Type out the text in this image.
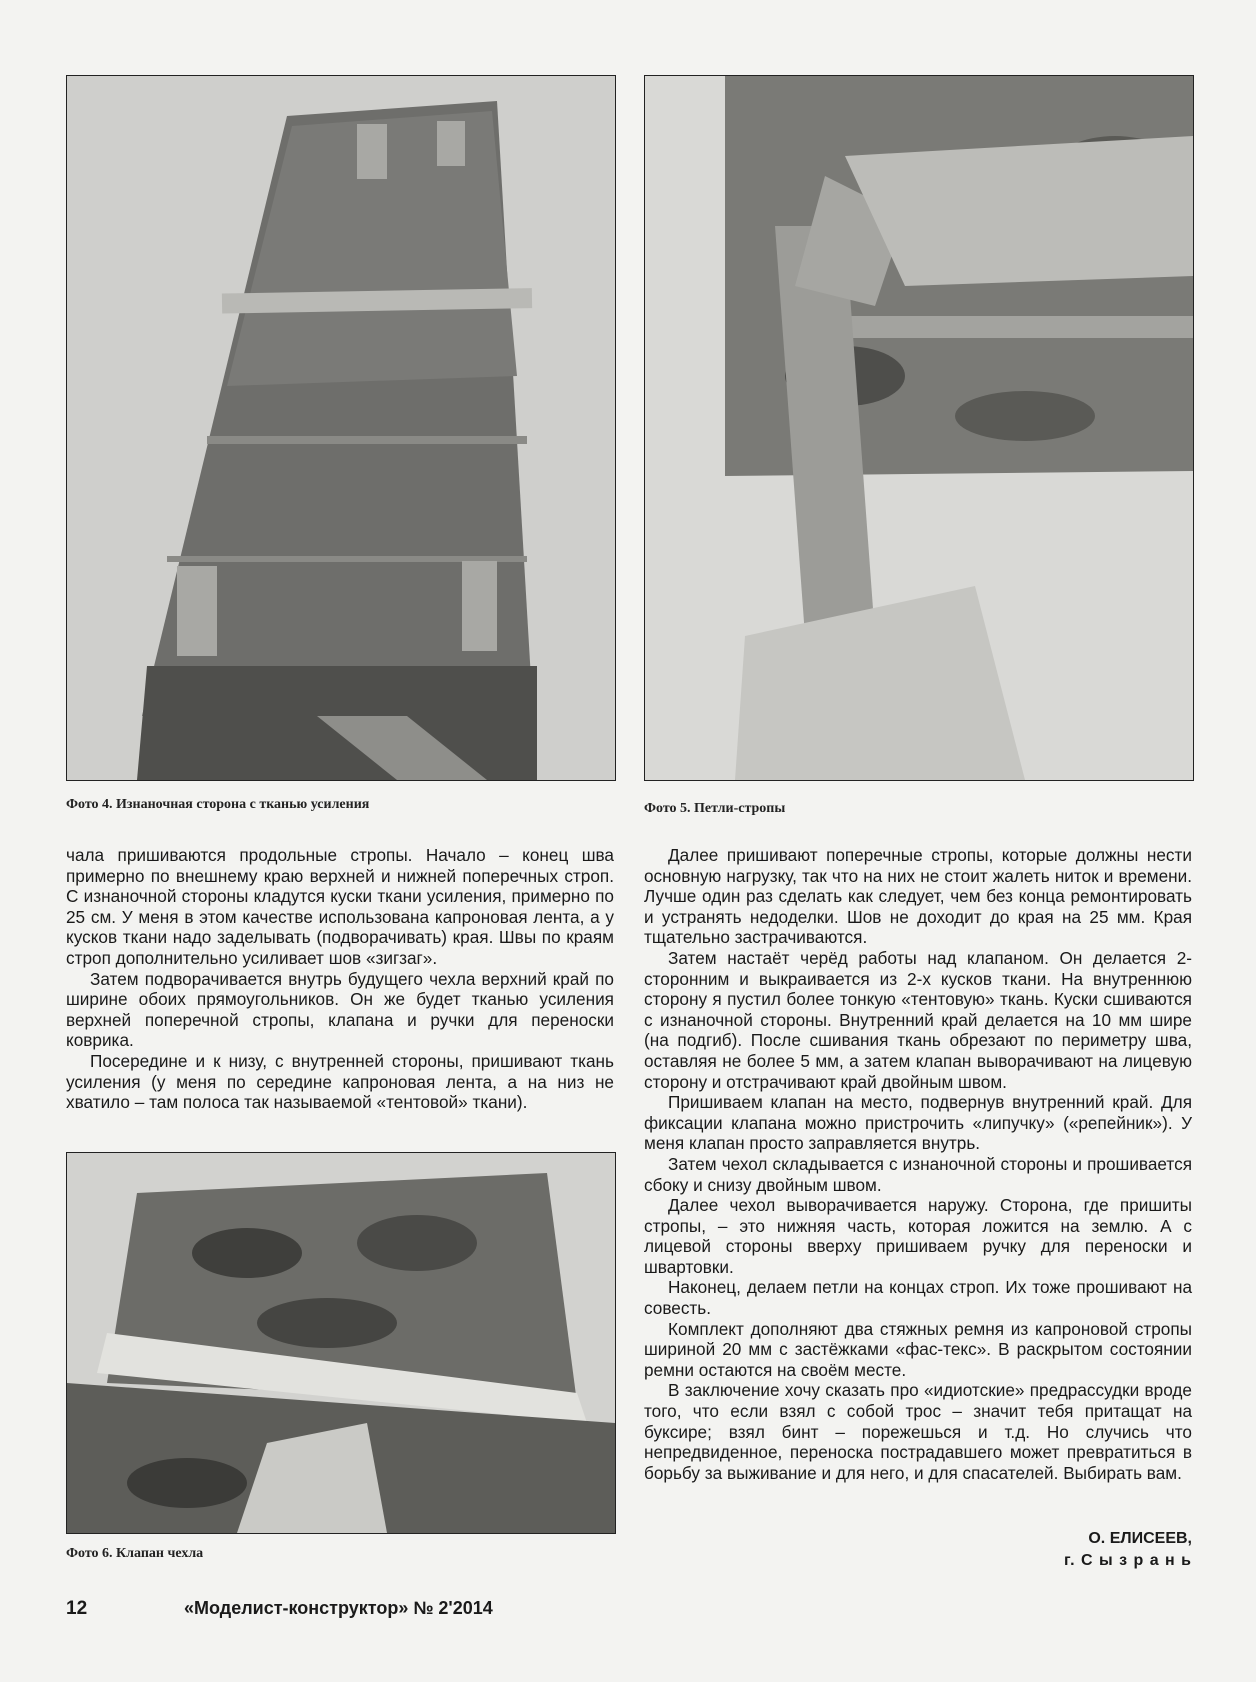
Фото 4. Изнаночная сторона с тканью усиления	Фото 5. Петли-стропы

чала пришиваются продольные стропы. Начало – конец шва примерно по внешнему краю верхней и нижней поперечных строп. С изнаночной стороны кладутся куски ткани усиления, примерно по 25 см. У меня в этом качестве использована капроновая лента, а у кусков ткани надо заделывать (подворачивать) края. Швы по краям строп дополнительно усиливает шов «зигзаг».

Затем подворачивается внутрь будущего чехла верхний край по ширине обоих прямоугольников. Он же будет тканью усиления верхней поперечной стропы, клапана и ручки для переноски коврика.

Посередине и к низу, с внутренней стороны, пришивают ткань усиления (у меня по середине капроновая лента, а на низ не хватило – там полоса так называемой «тентовой» ткани).

Фото 6. Клапан чехла

Далее пришивают поперечные стропы, которые должны нести основную нагрузку, так что на них не стоит жалеть ниток и времени. Лучше один раз сделать как следует, чем без конца ремонтировать и устранять недоделки. Шов не доходит до края на 25 мм. Края тщательно застрачиваются.

Затем настаёт черёд работы над клапаном. Он делается 2-сторонним и выкраивается из 2-х кусков ткани. На внутреннюю сторону я пустил более тонкую «тентовую» ткань. Куски сшиваются с изнаночной стороны. Внутренний край делается на 10 мм шире (на подгиб). После сшивания ткань обрезают по периметру шва, оставляя не более 5 мм, а затем клапан выворачивают на лицевую сторону и отстрачивают край двойным швом.

Пришиваем клапан на место, подвернув внутренний край. Для фиксации клапана можно пристрочить «липучку» («репейник»). У меня клапан просто заправляется внутрь.

Затем чехол складывается с изнаночной стороны и прошивается сбоку и снизу двойным швом.

Далее чехол выворачивается наружу. Сторона, где пришиты стропы, – это нижняя часть, которая ложится на землю. А с лицевой стороны вверху пришиваем ручку для переноски и швартовки.

Наконец, делаем петли на концах строп. Их тоже прошивают на совесть.

Комплект дополняют два стяжных ремня из капроновой стропы шириной 20 мм с застёжками «фас-текс». В раскрытом состоянии ремни остаются на своём месте.

В заключение хочу сказать про «идиотские» предрассудки вроде того, что если взял с собой трос – значит тебя притащат на буксире; взял бинт – порежешься и т.д. Но случись что непредвиденное, переноска пострадавшего может превратиться в борьбу за выживание и для него, и для спасателей. Выбирать вам.

О. ЕЛИСЕЕВ,
г. С ы з р а н ь
12	«Моделист-конструктор» № 2'2014
